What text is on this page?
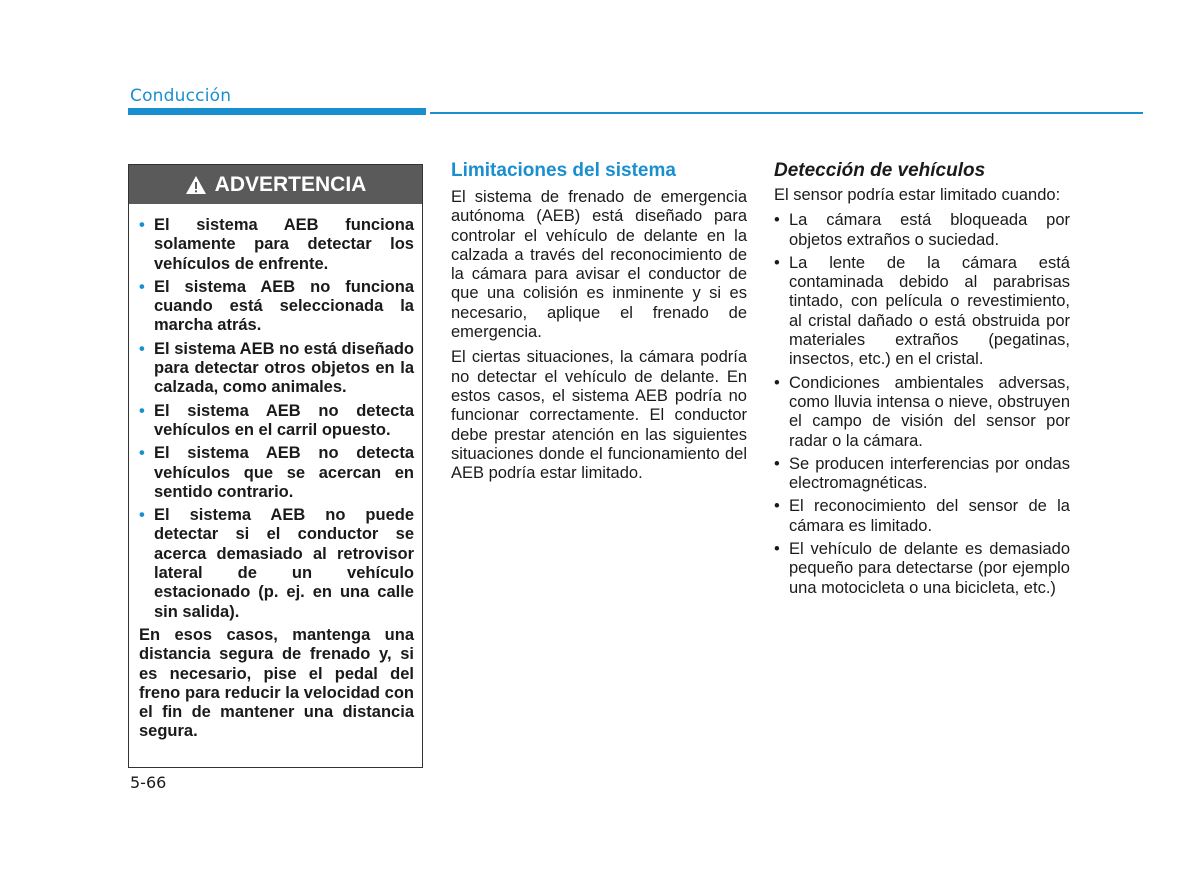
Conducción
ADVERTENCIA
• El sistema AEB funciona solamente para detectar los vehículos de enfrente.
• El sistema AEB no funciona cuando está seleccionada la marcha atrás.
• El sistema AEB no está diseñado para detectar otros objetos en la calzada, como animales.
• El sistema AEB no detecta vehículos en el carril opuesto.
• El sistema AEB no detecta vehículos que se acercan en sentido contrario.
• El sistema AEB no puede detectar si el conductor se acerca demasiado al retrovisor lateral de un vehículo estacionado (p. ej. en una calle sin salida).
En esos casos, mantenga una distancia segura de frenado y, si es necesario, pise el pedal del freno para reducir la velocidad con el fin de mantener una distancia segura.
Limitaciones del sistema

El sistema de frenado de emergencia autónoma (AEB) está diseñado para controlar el vehículo de delante en la calzada a través del reconocimiento de la cámara para avisar el conductor de que una colisión es inminente y si es necesario, aplique el frenado de emergencia.

El ciertas situaciones, la cámara podría no detectar el vehículo de delante. En estos casos, el sistema AEB podría no funcionar correctamente. El conductor debe prestar atención en las siguientes situaciones donde el funcionamiento del AEB podría estar limitado.

Detección de vehículos

El sensor podría estar limitado cuando:

• La cámara está bloqueada por objetos extraños o suciedad.
• La lente de la cámara está contaminada debido al parabrisas tintado, con película o revestimiento, al cristal dañado o está obstruida por materiales extraños (pegatinas, insectos, etc.) en el cristal.
• Condiciones ambientales adversas, como lluvia intensa o nieve, obstruyen el campo de visión del sensor por radar o la cámara.
• Se producen interferencias por ondas electromagnéticas.
• El reconocimiento del sensor de la cámara es limitado.
• El vehículo de delante es demasiado pequeño para detectarse (por ejemplo una motocicleta o una bicicleta, etc.)
5-66
